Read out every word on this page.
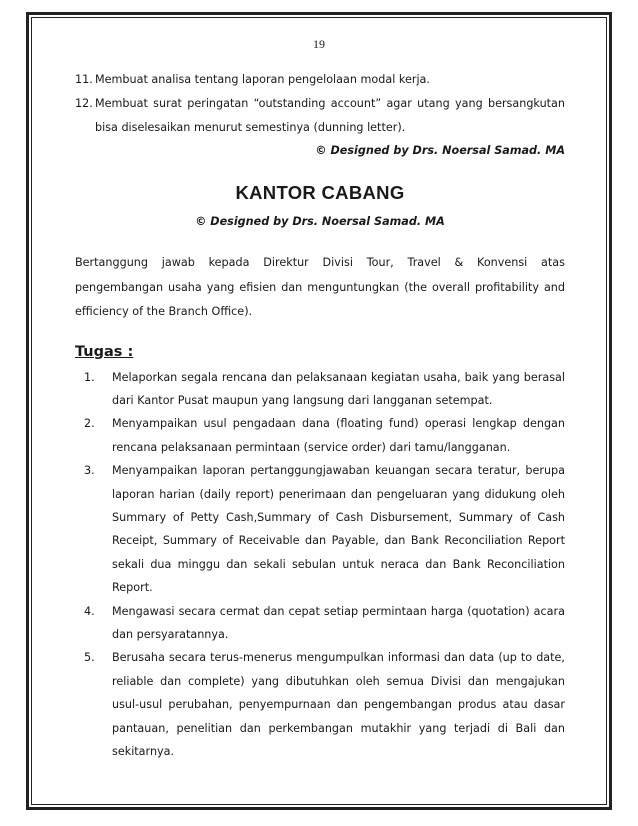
19
11. Membuat analisa tentang laporan pengelolaan modal kerja.
12. Membuat surat peringatan “outstanding account” agar utang yang bersangkutan
bisa diselesaikan menurut semestinya (dunning letter).
© Designed by Drs. Noersal Samad. MA
KANTOR CABANG
© Designed by Drs. Noersal Samad. MA
Bertanggung jawab kepada Direktur Divisi Tour, Travel & Konvensi atas
pengembangan usaha yang efisien dan menguntungkan (the overall profitability and
efficiency of the Branch Office).
Tugas :
1.	Melaporkan segala rencana dan pelaksanaan kegiatan usaha, baik yang berasal
dari Kantor Pusat maupun yang langsung dari langganan setempat.
2.	Menyampaikan usul pengadaan dana (floating fund) operasi lengkap dengan
rencana pelaksanaan permintaan (service order) dari tamu/langganan.
3.	Menyampaikan laporan pertanggungjawaban keuangan secara teratur, berupa
laporan harian (daily report) penerimaan dan pengeluaran yang didukung oleh
Summary of Petty Cash,Summary of Cash Disbursement, Summary of Cash
Receipt, Summary of Receivable dan Payable, dan Bank Reconciliation Report
sekali dua minggu dan sekali sebulan untuk neraca dan Bank Reconciliation
Report.
4.	Mengawasi secara cermat dan cepat setiap permintaan harga (quotation) acara
dan persyaratannya.
5.	Berusaha secara terus-menerus mengumpulkan informasi dan data (up to date,
reliable dan complete) yang dibutuhkan oleh semua Divisi dan mengajukan
usul-usul perubahan, penyempurnaan dan pengembangan produs atau dasar
pantauan, penelitian dan perkembangan mutakhir yang terjadi di Bali dan
sekitarnya.
